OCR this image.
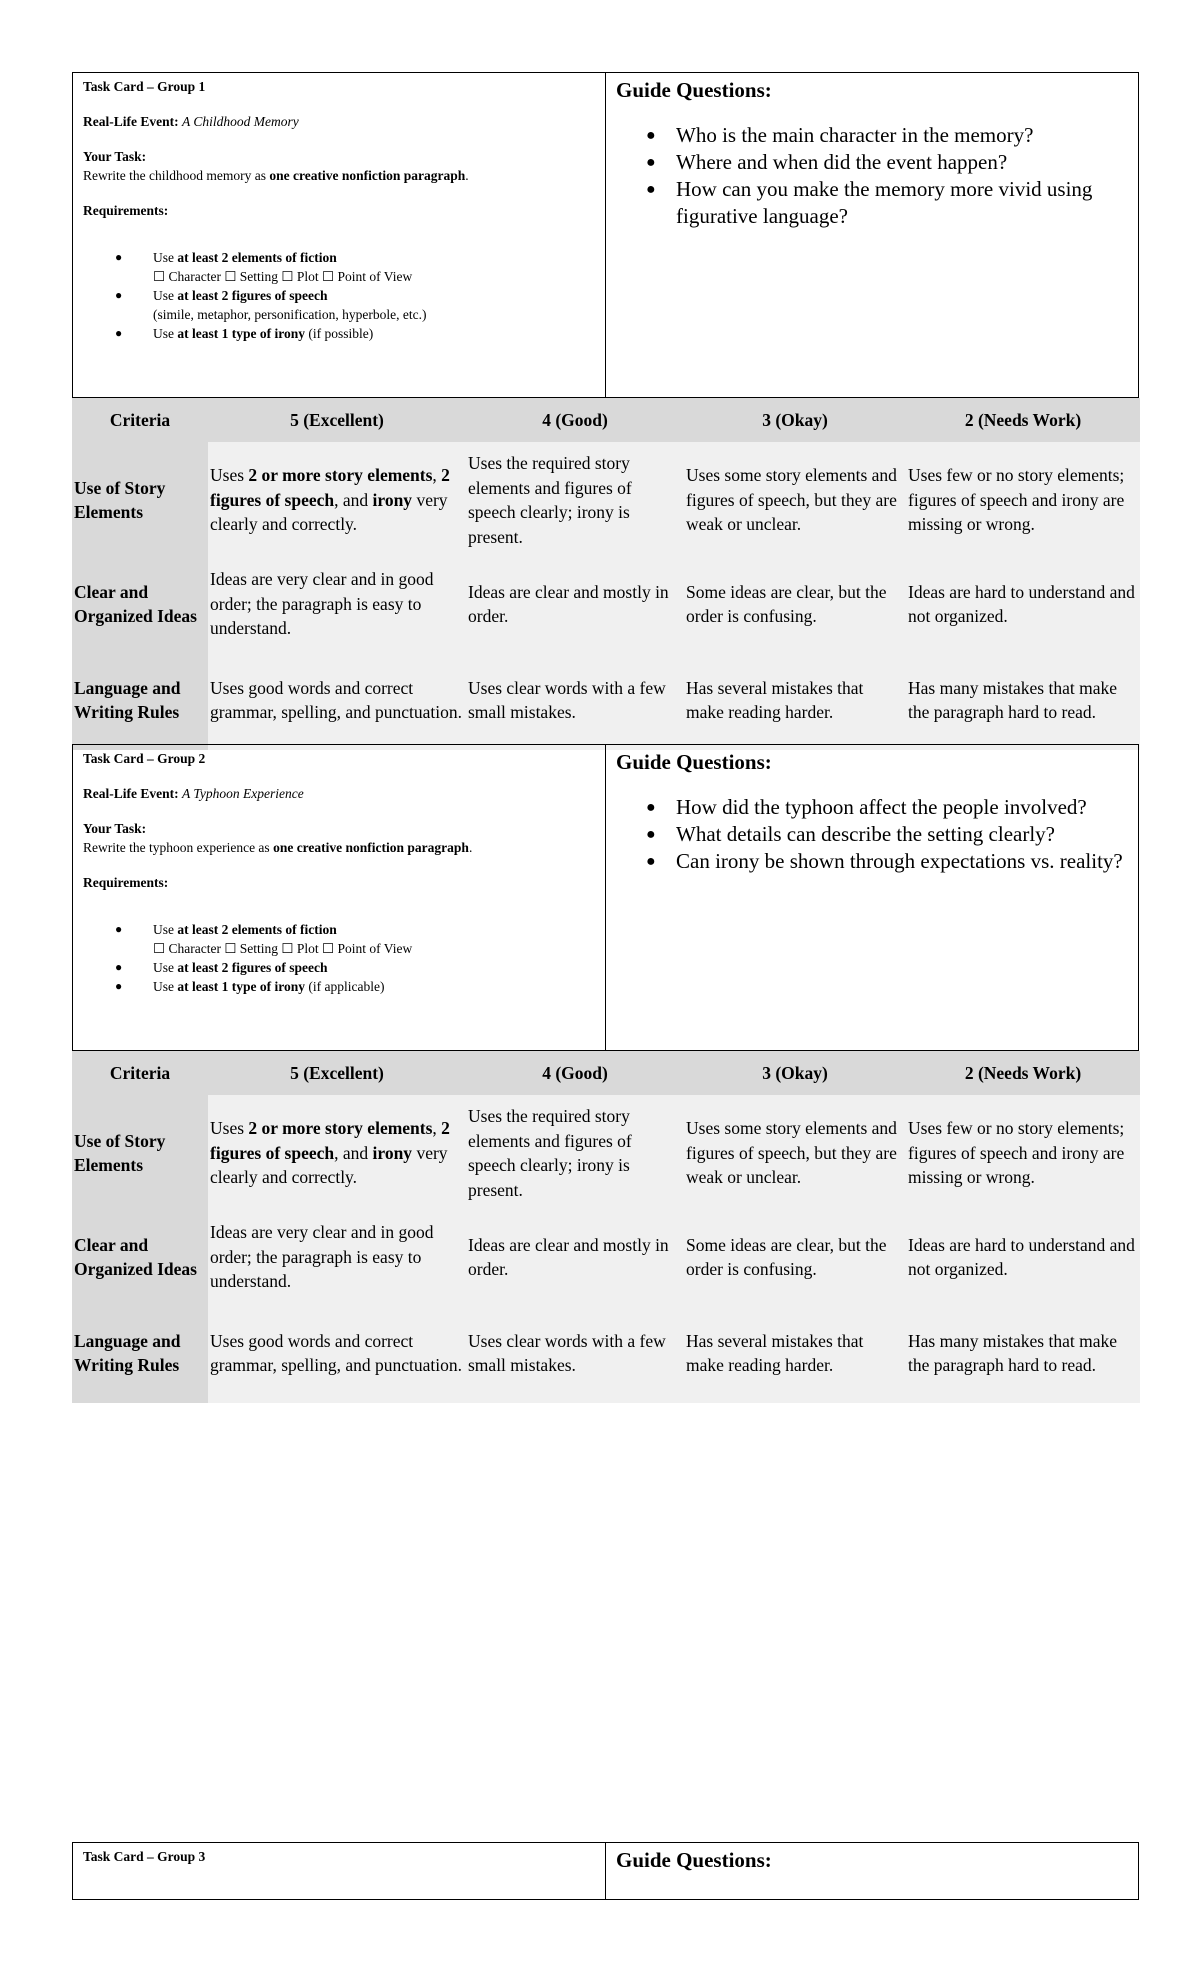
Task Card – Group 1
Real-Life Event: A Childhood Memory
Your Task:
Rewrite the childhood memory as one creative nonfiction paragraph.
Requirements:
● Use at least 2 elements of fiction
☐ Character ☐ Setting ☐ Plot ☐ Point of View
● Use at least 2 figures of speech
(simile, metaphor, personification, hyperbole, etc.)
● Use at least 1 type of irony (if possible)
Guide Questions:
● Who is the main character in the memory?
● Where and when did the event happen?
● How can you make the memory more vivid using figurative language?
Criteria	5 (Excellent)	4 (Good)	3 (Okay)	2 (Needs Work)
Use of Story Elements	Uses 2 or more story elements, 2 figures of speech, and irony very clearly and correctly.	Uses the required story elements and figures of speech clearly; irony is present.	Uses some story elements and figures of speech, but they are weak or unclear.	Uses few or no story elements; figures of speech and irony are missing or wrong.
Clear and Organized Ideas	Ideas are very clear and in good order; the paragraph is easy to understand.	Ideas are clear and mostly in order.	Some ideas are clear, but the order is confusing.	Ideas are hard to understand and not organized.
Language and Writing Rules	Uses good words and correct grammar, spelling, and punctuation.	Uses clear words with a few small mistakes.	Has several mistakes that make reading harder.	Has many mistakes that make the paragraph hard to read.
Task Card – Group 2
Real-Life Event: A Typhoon Experience
Your Task:
Rewrite the typhoon experience as one creative nonfiction paragraph.
Requirements:
● Use at least 2 elements of fiction
☐ Character ☐ Setting ☐ Plot ☐ Point of View
● Use at least 2 figures of speech
● Use at least 1 type of irony (if applicable)
Guide Questions:
● How did the typhoon affect the people involved?
● What details can describe the setting clearly?
● Can irony be shown through expectations vs. reality?
Criteria	5 (Excellent)	4 (Good)	3 (Okay)	2 (Needs Work)
Use of Story Elements	Uses 2 or more story elements, 2 figures of speech, and irony very clearly and correctly.	Uses the required story elements and figures of speech clearly; irony is present.	Uses some story elements and figures of speech, but they are weak or unclear.	Uses few or no story elements; figures of speech and irony are missing or wrong.
Clear and Organized Ideas	Ideas are very clear and in good order; the paragraph is easy to understand.	Ideas are clear and mostly in order.	Some ideas are clear, but the order is confusing.	Ideas are hard to understand and not organized.
Language and Writing Rules	Uses good words and correct grammar, spelling, and punctuation.	Uses clear words with a few small mistakes.	Has several mistakes that make reading harder.	Has many mistakes that make the paragraph hard to read.
Task Card – Group 3	Guide Questions:
